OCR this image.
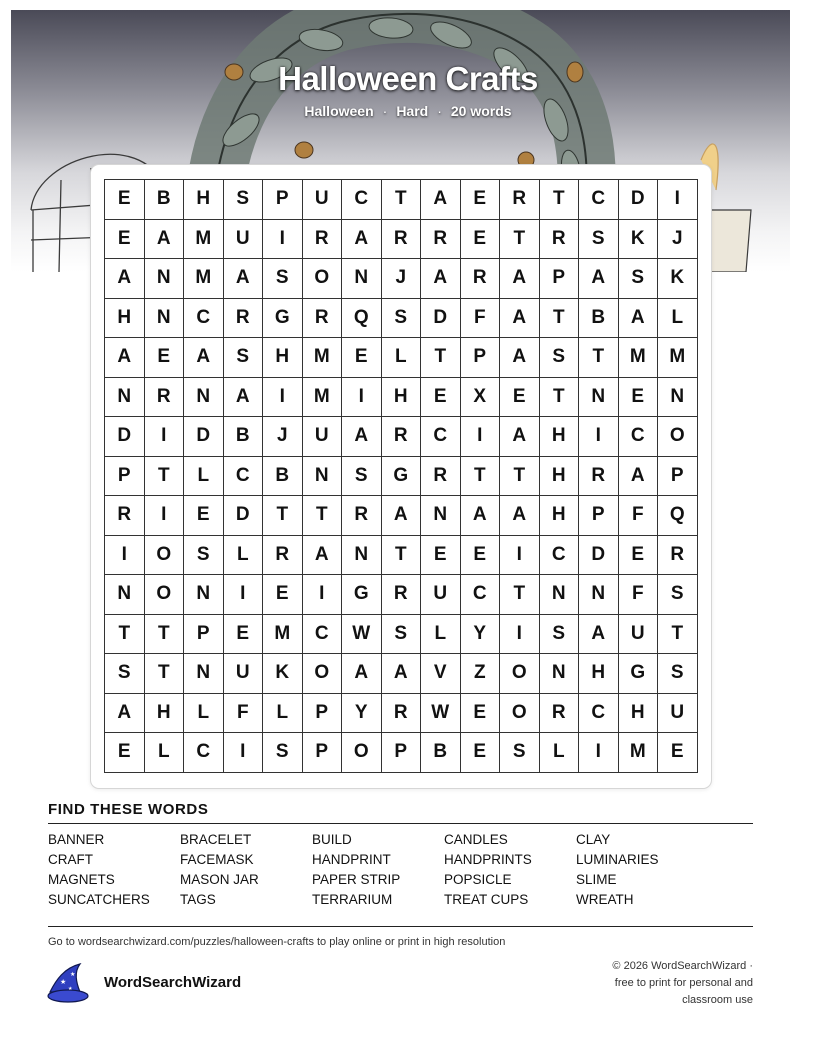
Halloween Crafts
Halloween · Hard · 20 words
E	B	H	S	P	U	C	T	A	E	R	T	C	D	I
E	A	M	U	I	R	A	R	R	E	T	R	S	K	J
A	N	M	A	S	O	N	J	A	R	A	P	A	S	K
H	N	C	R	G	R	Q	S	D	F	A	T	B	A	L
A	E	A	S	H	M	E	L	T	P	A	S	T	M	M
N	R	N	A	I	M	I	H	E	X	E	T	N	E	N
D	I	D	B	J	U	A	R	C	I	A	H	I	C	O
P	T	L	C	B	N	S	G	R	T	T	H	R	A	P
R	I	E	D	T	T	R	A	N	A	A	H	P	F	Q
I	O	S	L	R	A	N	T	E	E	I	C	D	E	R
N	O	N	I	E	I	G	R	U	C	T	N	N	F	S
T	T	P	E	M	C	W	S	L	Y	I	S	A	U	T
S	T	N	U	K	O	A	A	V	Z	O	N	H	G	S
A	H	L	F	L	P	Y	R	W	E	O	R	C	H	U
E	L	C	I	S	P	O	P	B	E	S	L	I	M	E
FIND THESE WORDS
BANNER	BRACELET	BUILD	CANDLES	CLAY
CRAFT	FACEMASK	HANDPRINT	HANDPRINTS	LUMINARIES
MAGNETS	MASON JAR	PAPER STRIP	POPSICLE	SLIME
SUNCATCHERS	TAGS	TERRARIUM	TREAT CUPS	WREATH
Go to wordsearchwizard.com/puzzles/halloween-crafts to play online or print in high resolution
★
★
★ WordSearchWizard
© 2026 WordSearchWizard ·
free to print for personal and
classroom use
